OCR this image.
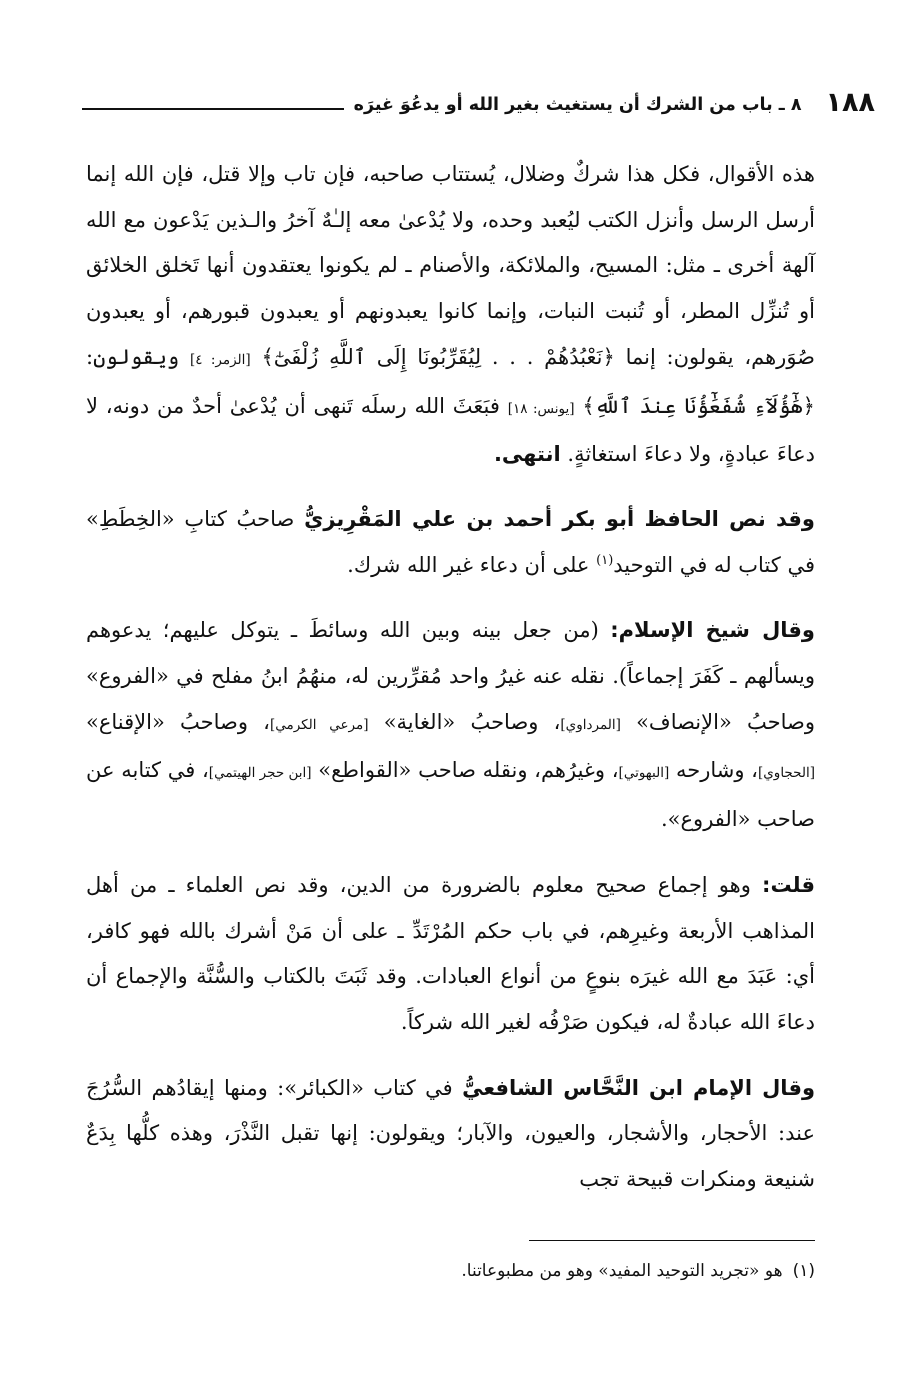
١٨٨
٨ ـ باب من الشرك أن يستغيث بغير الله أو يدعُوَ غيرَه

هذه الأقوال، فكل هذا شركٌ وضلال، يُستتاب صاحبه، فإن تاب وإلا قتل، فإن الله إنما أرسل الرسل وأنزل الكتب ليُعبد وحده، ولا يُدْعىٰ معه إلـٰهٌ آخرُ والـذين يَدْعون مع الله آلهة أخرى ـ مثل: المسيح، والملائكة، والأصنام ـ لم يكونوا يعتقدون أنها تَخلق الخلائق أو تُنزِّل المطر، أو تُنبت النبات، وإنما كانوا يعبدونهم أو يعبدون قبورهم، أو يعبدون صُوَرهم، يقولون: إنما ﴿نَعْبُدُهُمْ . . . لِيُقَرِّبُونَا إِلَى ٱللَّهِ زُلْفَىٰٓ﴾ [الزمر: ٤] ويقولون: ﴿هَٰٓؤُلَآءِ شُفَعَٰٓؤُنَا عِندَ ٱللَّهِ﴾ [يونس: ١٨] فبَعَثَ الله رسلَه تَنهى أن يُدْعىٰ أحدٌ من دونه، لا دعاءَ عبادةٍ، ولا دعاءَ استغاثةٍ. انتهى.

وقد نص الحافظ أبو بكر أحمد بن علي المَقْرِيزيُّ صاحبُ كتابِ «الخِطَطِ» في كتاب له في التوحيد$^{(١)}$ على أن دعاء غير الله شرك.

وقال شيخ الإسلام: (من جعل بينه وبين الله وسائطَ ـ يتوكل عليهم؛ يدعوهم ويسألهم ـ كَفَرَ إجماعاً). نقله عنه غيرُ واحد مُقرِّرين له، منهُمُ ابنُ مفلح في «الفروع» وصاحبُ «الإنصاف» [المرداوي]، وصاحبُ «الغاية» [مرعي الكرمي]، وصاحبُ «الإقناع» [الحجاوي]، وشارحه [البهوتي]، وغيرُهم، ونقله صاحب «القواطع» [ابن حجر الهيتمي]، في كتابه عن صاحب «الفروع».

قلت: وهو إجماع صحيح معلوم بالضرورة من الدين، وقد نص العلماء ـ من أهل المذاهب الأربعة وغيرِهم، في باب حكم المُرْتَدِّ ـ على أن مَنْ أشرك بالله فهو كافر، أي: عَبَدَ مع الله غيرَه بنوعٍ من أنواع العبادات. وقد ثَبَتَ بالكتاب والسُّنَّة والإجماع أن دعاءَ الله عبادةٌ له، فيكون صَرْفُه لغير الله شركاً.

وقال الإمام ابن النَّحَّاس الشافعيُّ في كتاب «الكبائر»: ومنها إيقادُهم السُّرُجَ عند: الأحجار، والأشجار، والعيون، والآبار؛ ويقولون: إنها تقبل النَّذْرَ، وهذه كلُّها بِدَعٌ شنيعة ومنكرات قبيحة تجب

(١)هو «تجريد التوحيد المفيد» وهو من مطبوعاتنا.
